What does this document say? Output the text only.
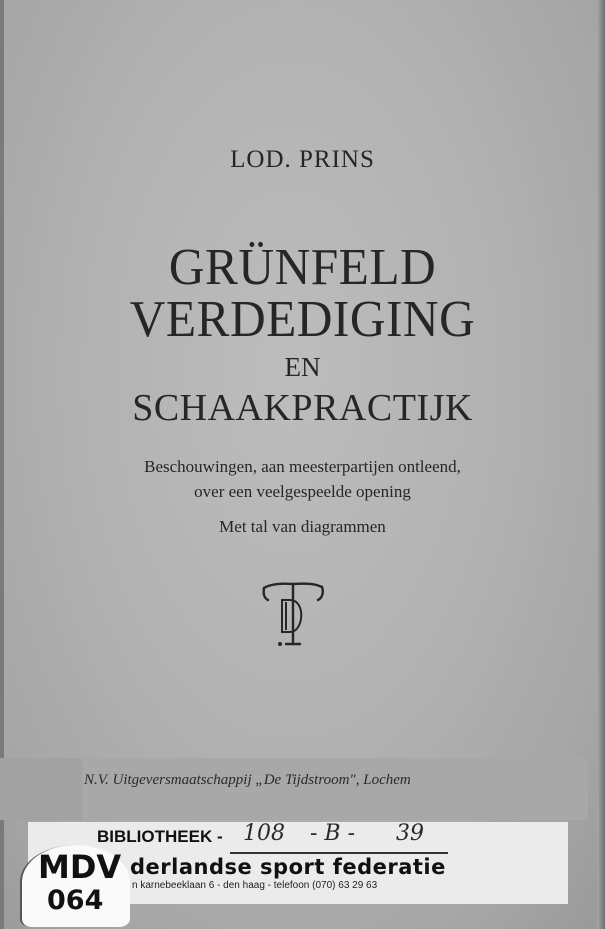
LOD. PRINS
GRÜNFELD
VERDEDIGING
EN
SCHAAKPRACTIJK
Beschouwingen, aan meesterpartijen ontleend,
over een veelgespeelde opening
Met tal van diagrammen
N.V. Uitgeversmaatschappij „De Tijdstroom", Lochem
BIBLIOTHEEK - 108 - B - 39
derlandse sport federatie
n karnebeeklaan 6 - den haag - telefoon (070) 63 29 63
MDV
064
